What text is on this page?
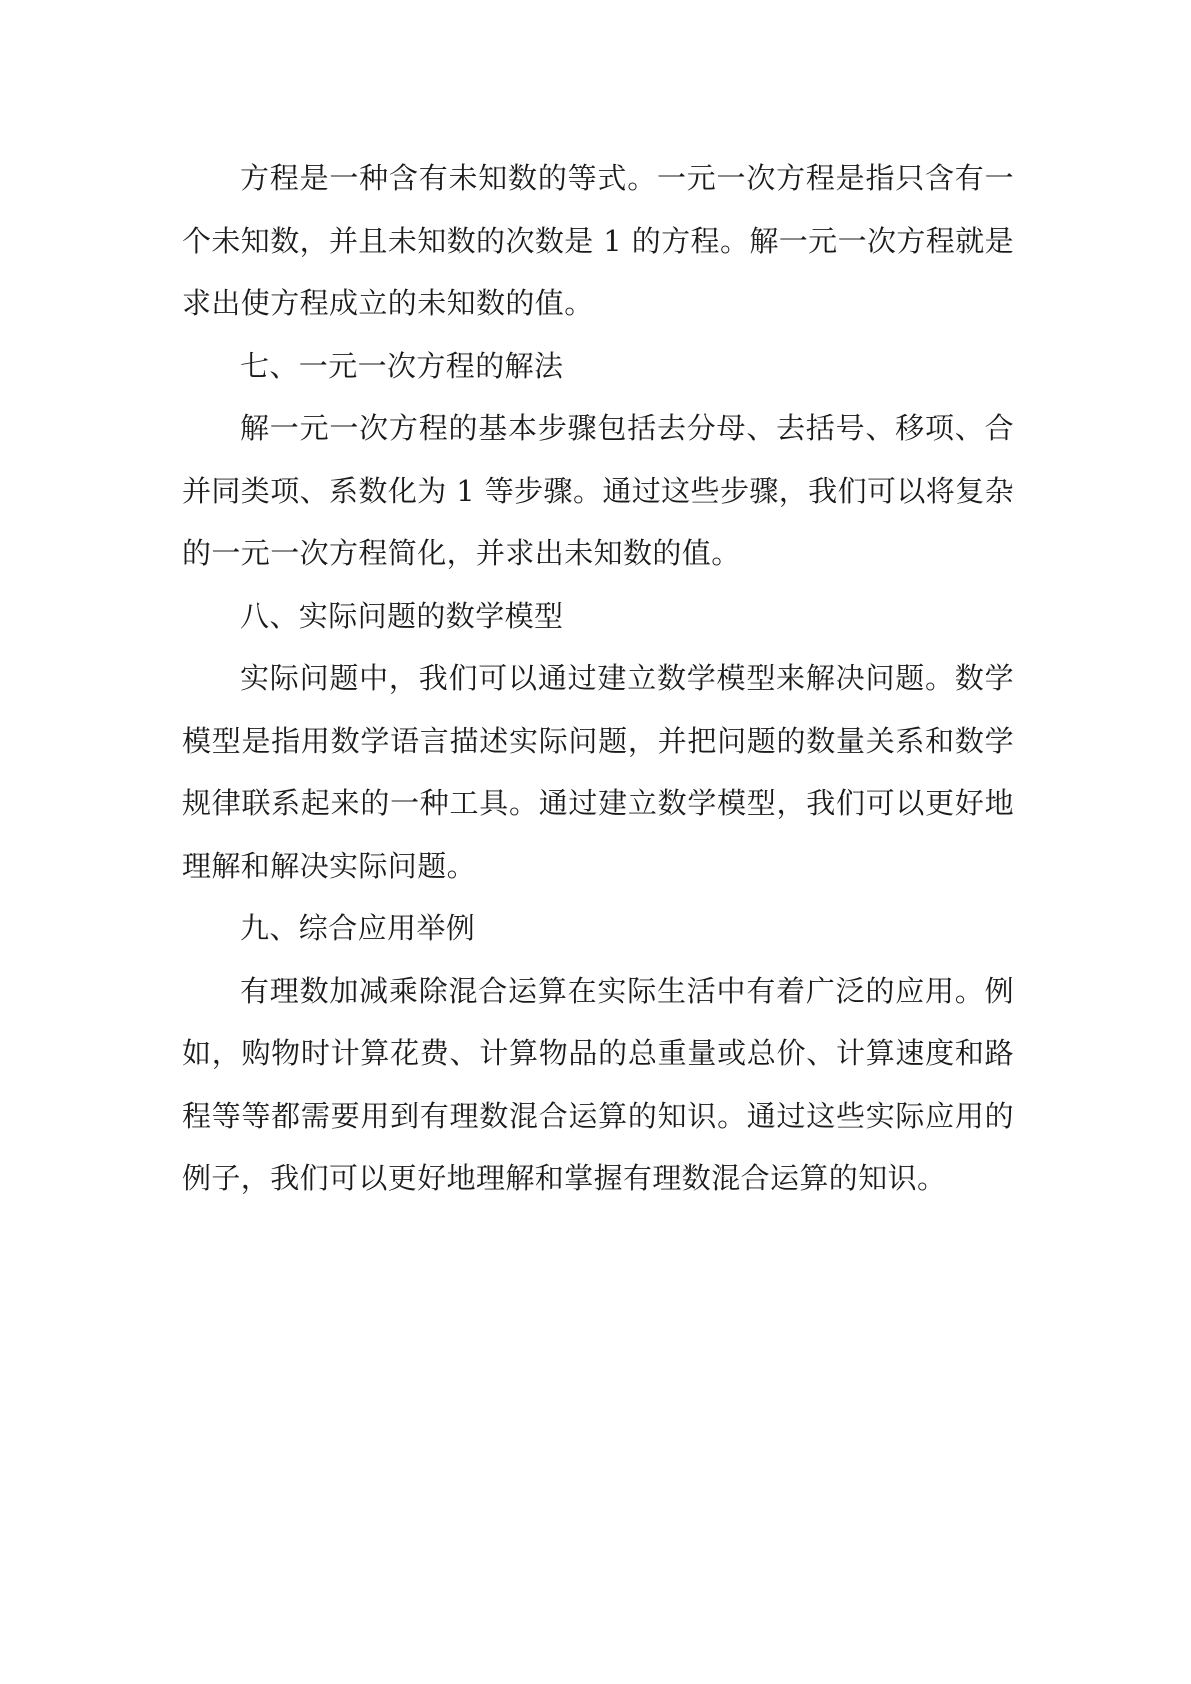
方程是一种含有未知数的等式。一元一次方程是指只含有一个未知数，并且未知数的次数是 1 的方程。解一元一次方程就是求出使方程成立的未知数的值。

七、一元一次方程的解法

解一元一次方程的基本步骤包括去分母、去括号、移项、合并同类项、系数化为 1 等步骤。通过这些步骤，我们可以将复杂的一元一次方程简化，并求出未知数的值。

八、实际问题的数学模型

实际问题中，我们可以通过建立数学模型来解决问题。数学模型是指用数学语言描述实际问题，并把问题的数量关系和数学规律联系起来的一种工具。通过建立数学模型，我们可以更好地理解和解决实际问题。

九、综合应用举例

有理数加减乘除混合运算在实际生活中有着广泛的应用。例如，购物时计算花费、计算物品的总重量或总价、计算速度和路程等等都需要用到有理数混合运算的知识。通过这些实际应用的例子，我们可以更好地理解和掌握有理数混合运算的知识。
